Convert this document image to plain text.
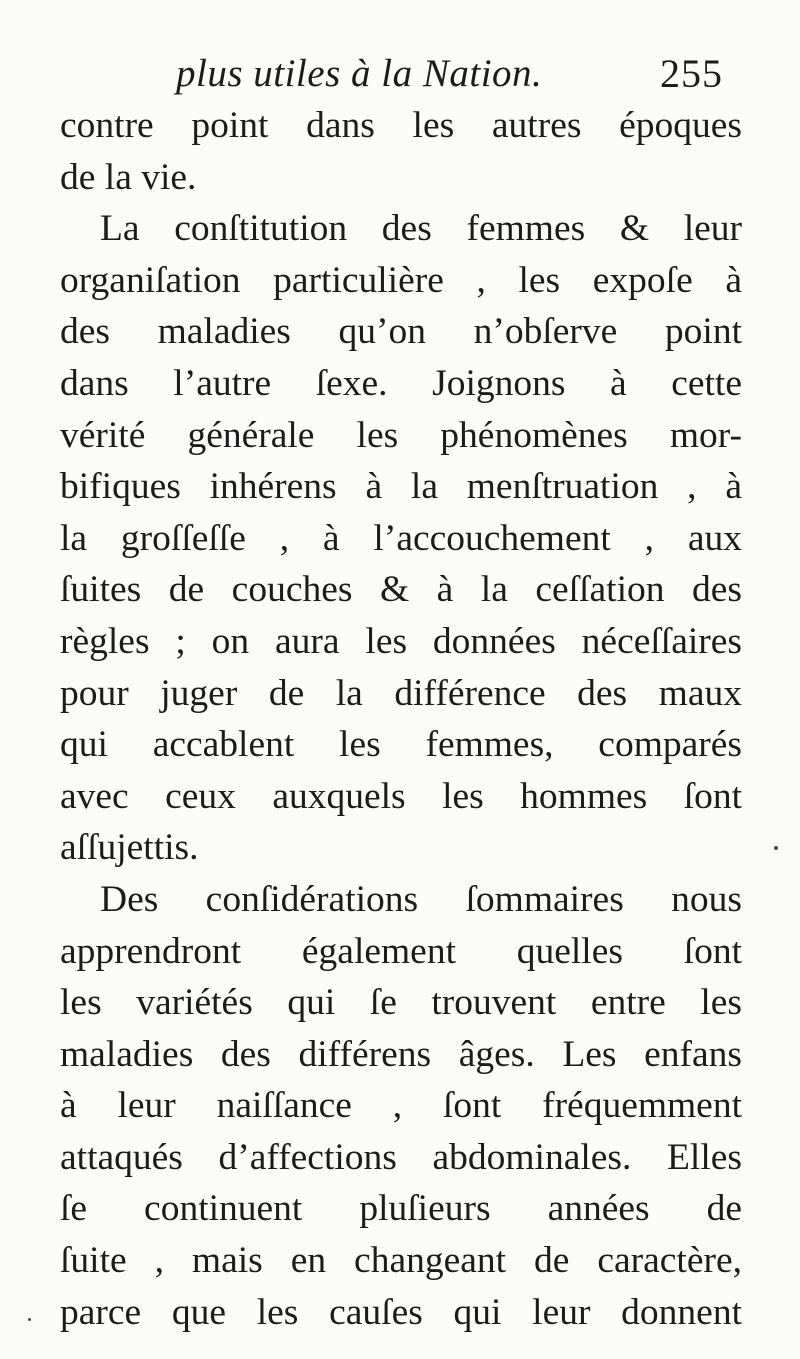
plus utiles à la Nation.	255
contre point dans les autres époques
de la vie.
La conſtitution des femmes & leur
organiſation particulière , les expoſe à
des maladies qu’on n’obſerve point
dans l’autre ſexe. Joignons à cette
vérité générale les phénomènes mor-
bifiques inhérens à la menſtruation , à
la groſſeſſe , à l’accouchement , aux
ſuites de couches & à la ceſſation des
règles ; on aura les données néceſſaires
pour juger de la différence des maux
qui accablent les femmes, comparés
avec ceux auxquels les hommes ſont
aſſujettis.
Des conſidérations ſommaires nous
apprendront également quelles ſont
les variétés qui ſe trouvent entre les
maladies des différens âges. Les enfans
à leur naiſſance , ſont fréquemment
attaqués d’affections abdominales. Elles
ſe continuent pluſieurs années de
ſuite , mais en changeant de caractère,
parce que les cauſes qui leur donnent
